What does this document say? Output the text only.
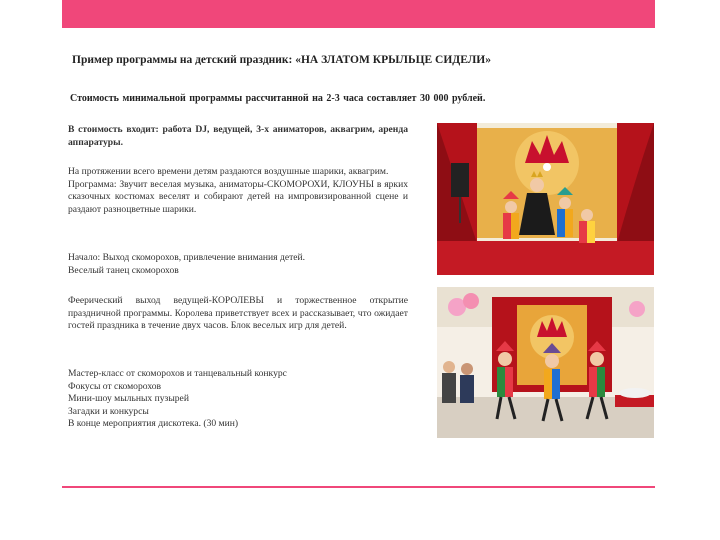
Пример программы на детский праздник: «НА ЗЛАТОМ КРЫЛЬЦЕ СИДЕЛИ»
Стоимость минимальной программы рассчитанной на 2-3 часа составляет 30 000 рублей.

В стоимость входит: работа DJ, ведущей, 3-х аниматоров, аквагрим, аренда аппаратуры.

На протяжении всего времени детям раздаются воздушные шарики, аквагрим.

Программа: Звучит веселая музыка, аниматоры-СКОМОРОХИ, КЛОУНЫ в ярких сказочных костюмах веселят и собирают детей на импровизированной сцене и раздают разноцветные шарики.

Начало: Выход скоморохов, привлечение внимания детей.

Веселый танец скоморохов

Феерический выход ведущей-КОРОЛЕВЫ и торжественное открытие праздничной программы. Королева приветствует всех и рассказывает, что ожидает гостей праздника в течение двух часов. Блок веселых игр для детей.

Мастер-класс от скоморохов и танцевальный конкурс

Фокусы от скоморохов

Мини-шоу мыльных пузырей

Загадки и конкурсы

В конце мероприятия дискотека. (30 мин)
